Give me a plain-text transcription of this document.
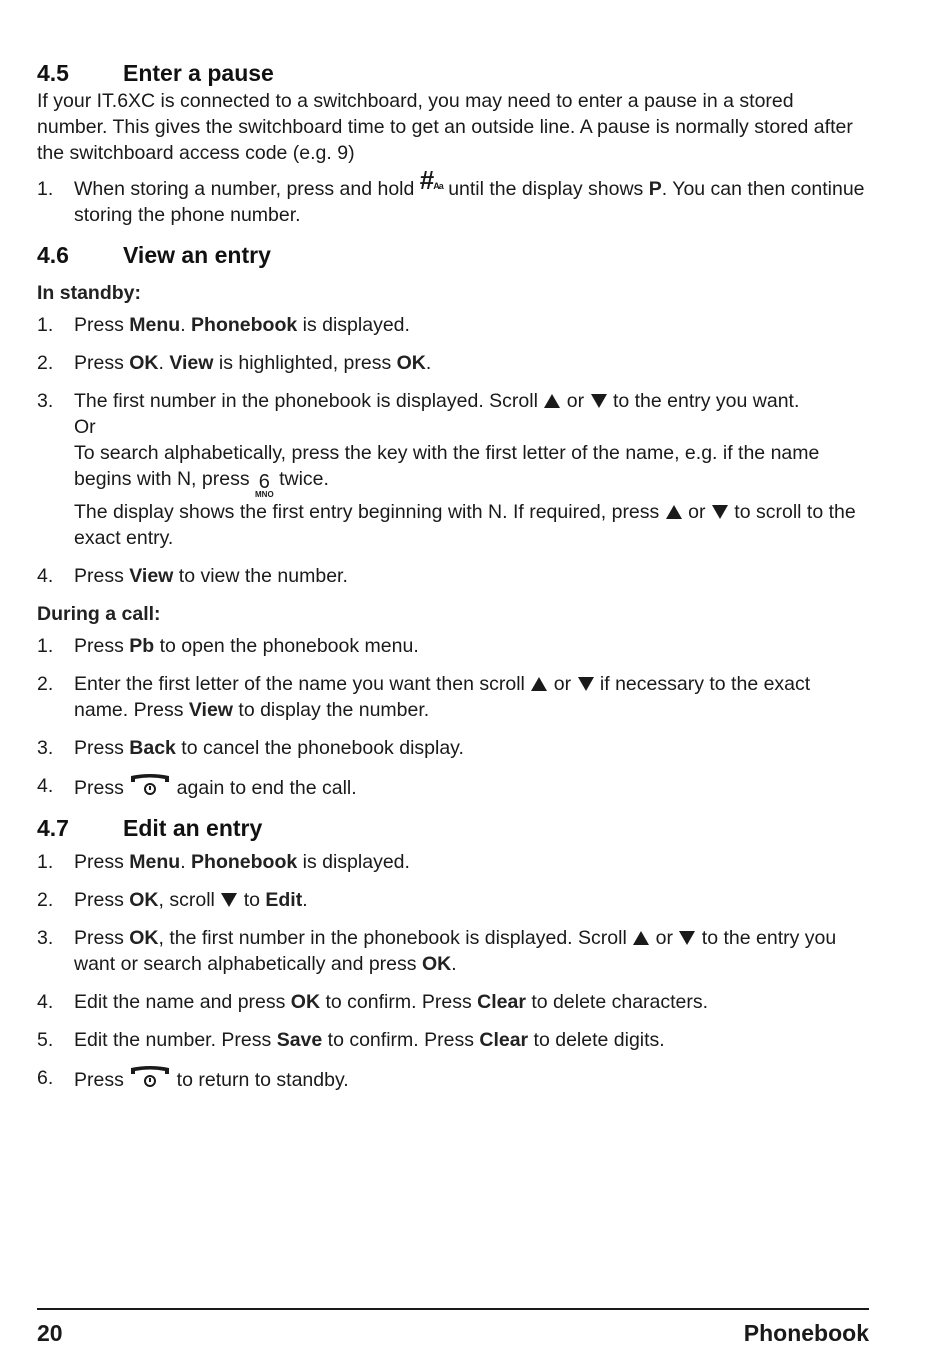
4.5	Enter a pause

If your IT.6XC is connected to a switchboard, you may need to enter a pause in a stored number. This gives the switchboard time to get an outside line. A pause is normally stored after the switchboard access code (e.g. 9)

1.	When storing a number, press and hold #Aa until the display shows P. You can then continue storing the phone number.
4.6	View an entry
In standby:
1.	Press Menu. Phonebook is displayed.
2.	Press OK. View is highlighted, press OK.
3.	The first number in the phonebook is displayed. Scroll  or  to the entry you want.
Or
To search alphabetically, press the key with the first letter of the name, e.g. if the name begins with N, press 6
MNO
twice.
The display shows the first entry beginning with N. If required, press  or  to scroll to the exact entry.
4.	Press View to view the number.
During a call:
1.	Press Pb to open the phonebook menu.
2.	Enter the first letter of the name you want then scroll  or  if necessary to the exact name. Press View to display the number.
3.	Press Back to cancel the phonebook display.
4.	Press  again to end the call.
4.7	Edit an entry
1.	Press Menu. Phonebook is displayed.
2.	Press OK, scroll  to Edit.
3.	Press OK, the first number in the phonebook is displayed. Scroll  or  to the entry you want or search alphabetically and press OK.
4.	Edit the name and press OK to confirm. Press Clear to delete characters.
5.	Edit the number. Press Save to confirm. Press Clear to delete digits.
6.	Press  to return to standby.
20	Phonebook
